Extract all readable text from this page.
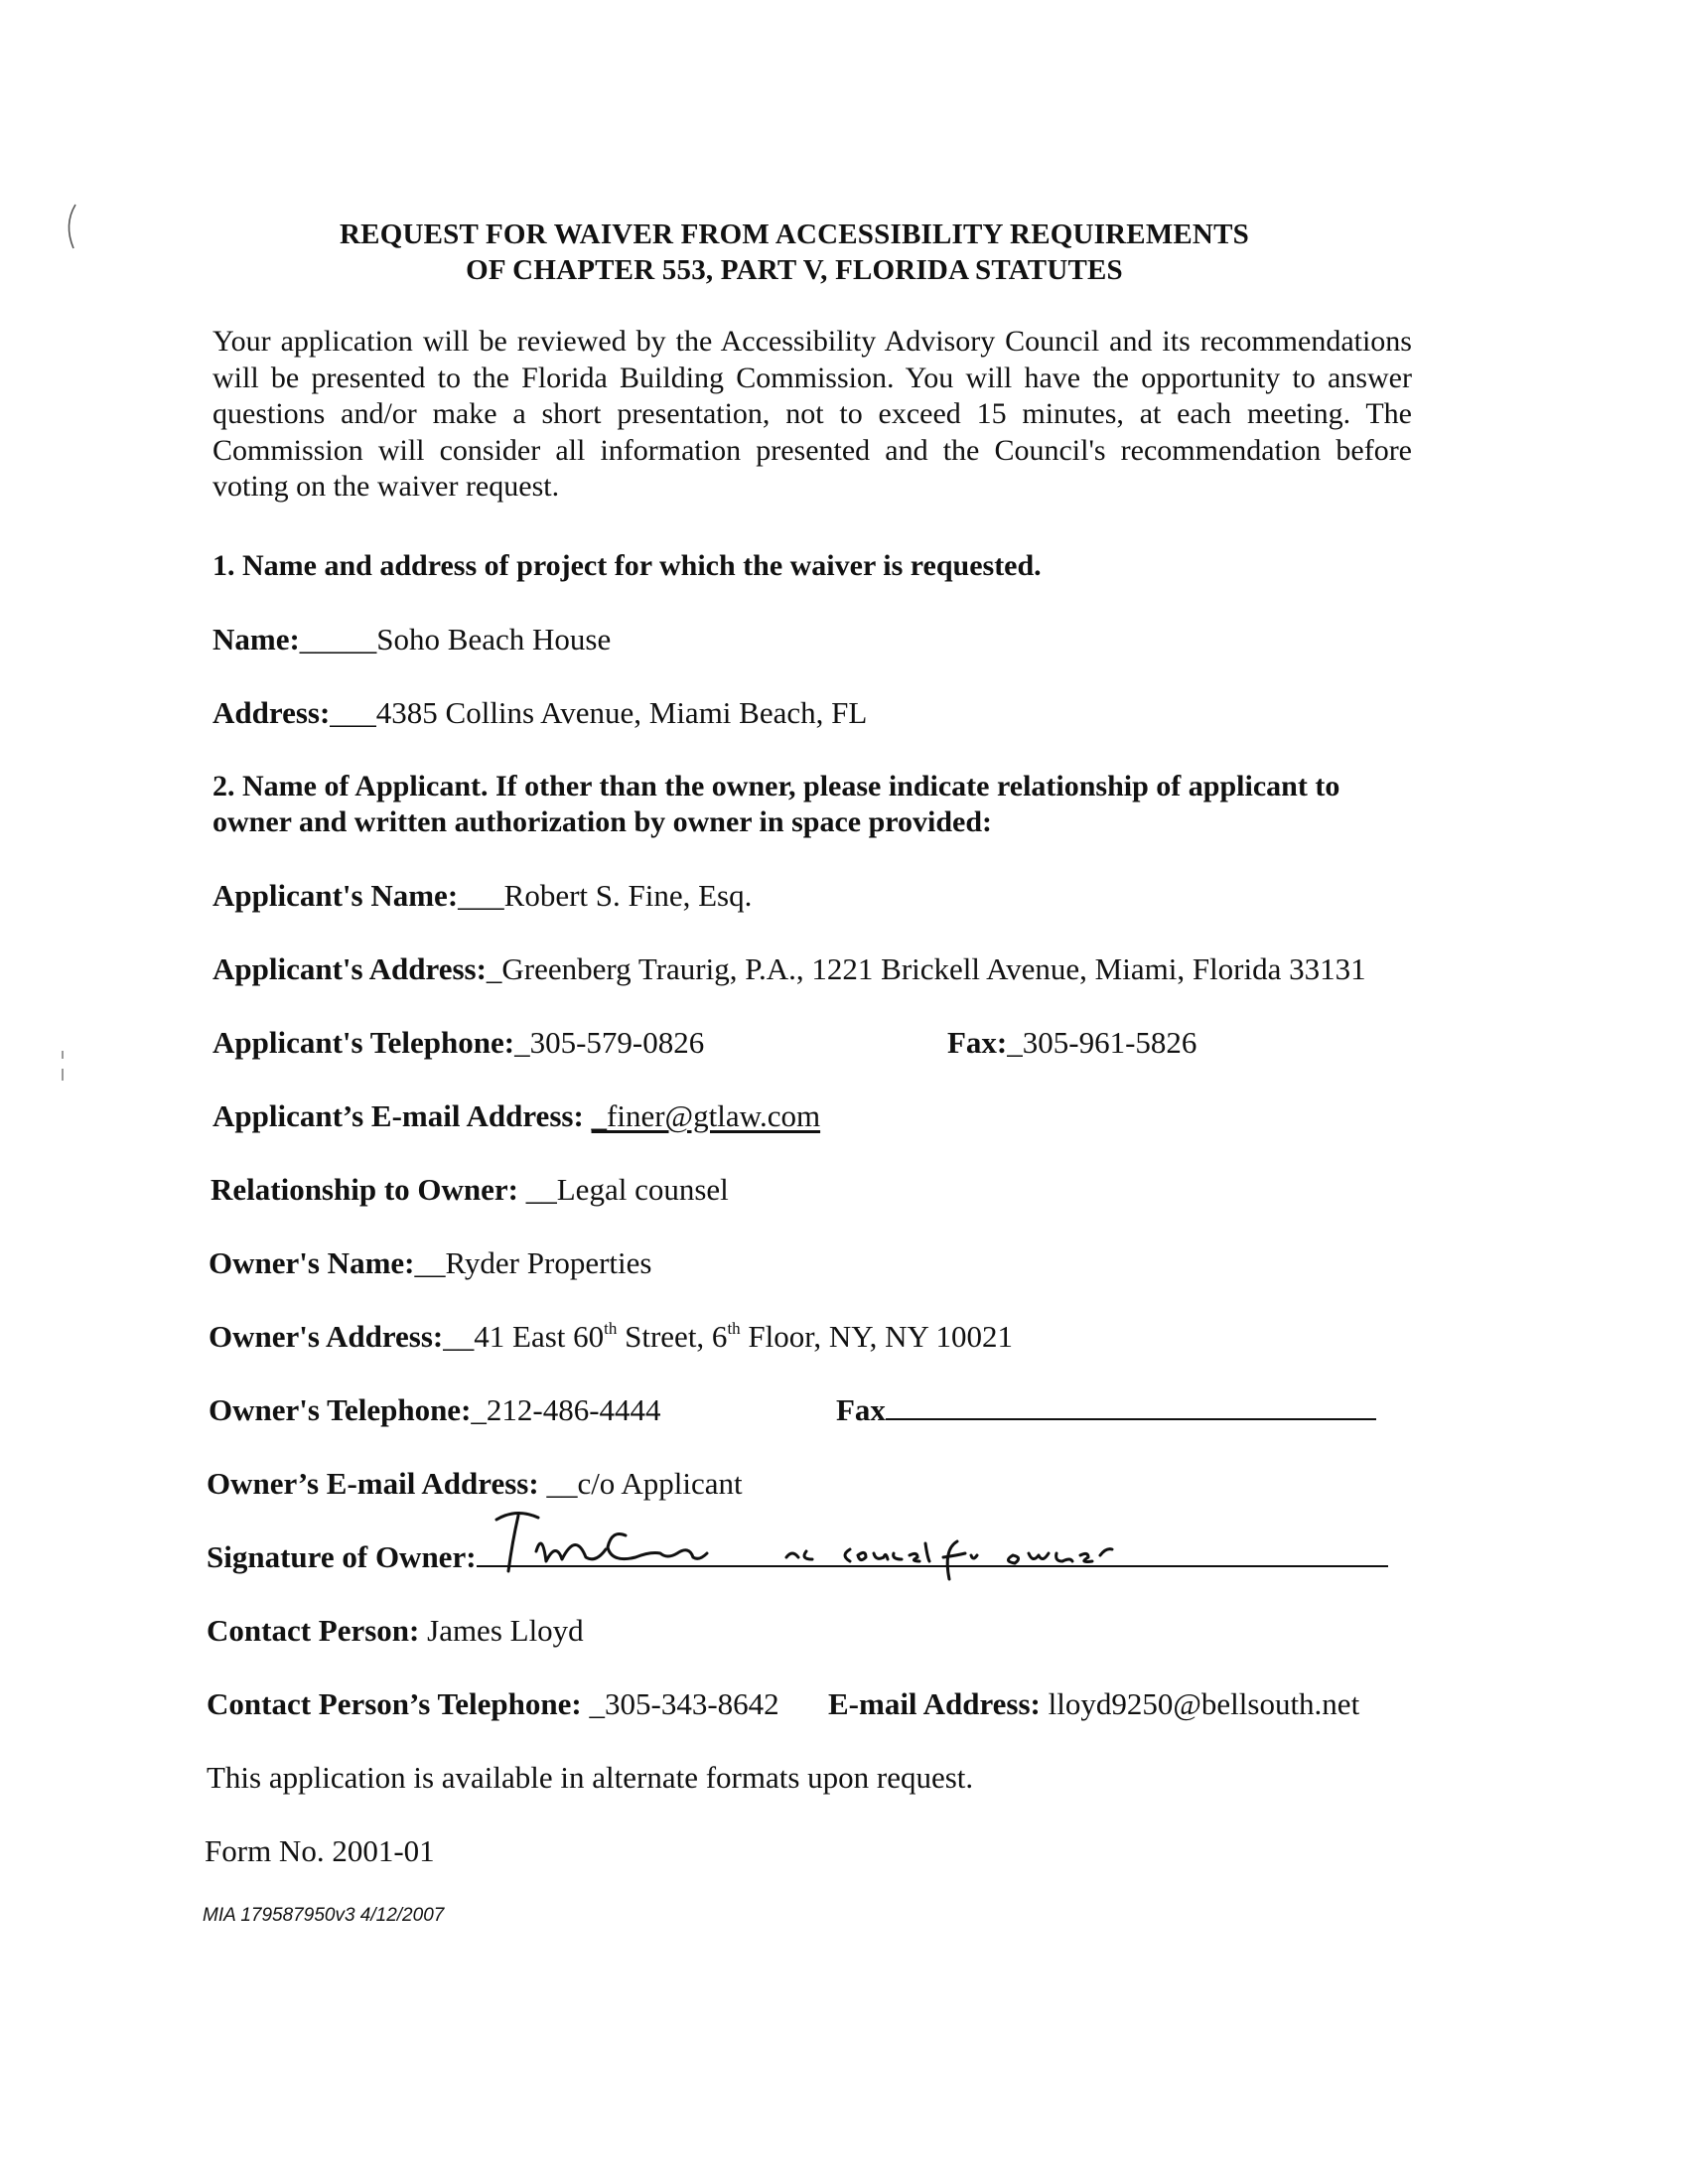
REQUEST FOR WAIVER FROM ACCESSIBILITY REQUIREMENTS
OF CHAPTER 553, PART V, FLORIDA STATUTES
Your application will be reviewed by the Accessibility Advisory Council and its recommendations will be presented to the Florida Building Commission. You will have the opportunity to answer questions and/or make a short presentation, not to exceed 15 minutes, at each meeting. The Commission will consider all information presented and the Council's recommendation before voting on the waiver request.
1. Name and address of project for which the waiver is requested.
Name:_____Soho Beach House
Address:___4385 Collins Avenue, Miami Beach, FL
2. Name of Applicant. If other than the owner, please indicate relationship of applicant to
owner and written authorization by owner in space provided:
Applicant's Name:___Robert S. Fine, Esq.
Applicant's Address:_Greenberg Traurig, P.A., 1221 Brickell Avenue, Miami, Florida 33131
Applicant's Telephone:_305-579-0826	Fax:_305-961-5826
Applicant’s E-mail Address: _finer@gtlaw.com
Relationship to Owner: __Legal counsel
Owner's Name:__Ryder Properties
Owner's Address:__41 East 60th Street, 6th Floor, NY, NY 10021
Owner's Telephone:_212-486-4444	Fax
Owner’s E-mail Address: __c/o Applicant
Signature of Owner:
Contact Person: James Lloyd
Contact Person’s Telephone: _305-343-8642 E-mail Address: lloyd9250@bellsouth.net
This application is available in alternate formats upon request.
Form No. 2001-01
MIA 179587950v3 4/12/2007
